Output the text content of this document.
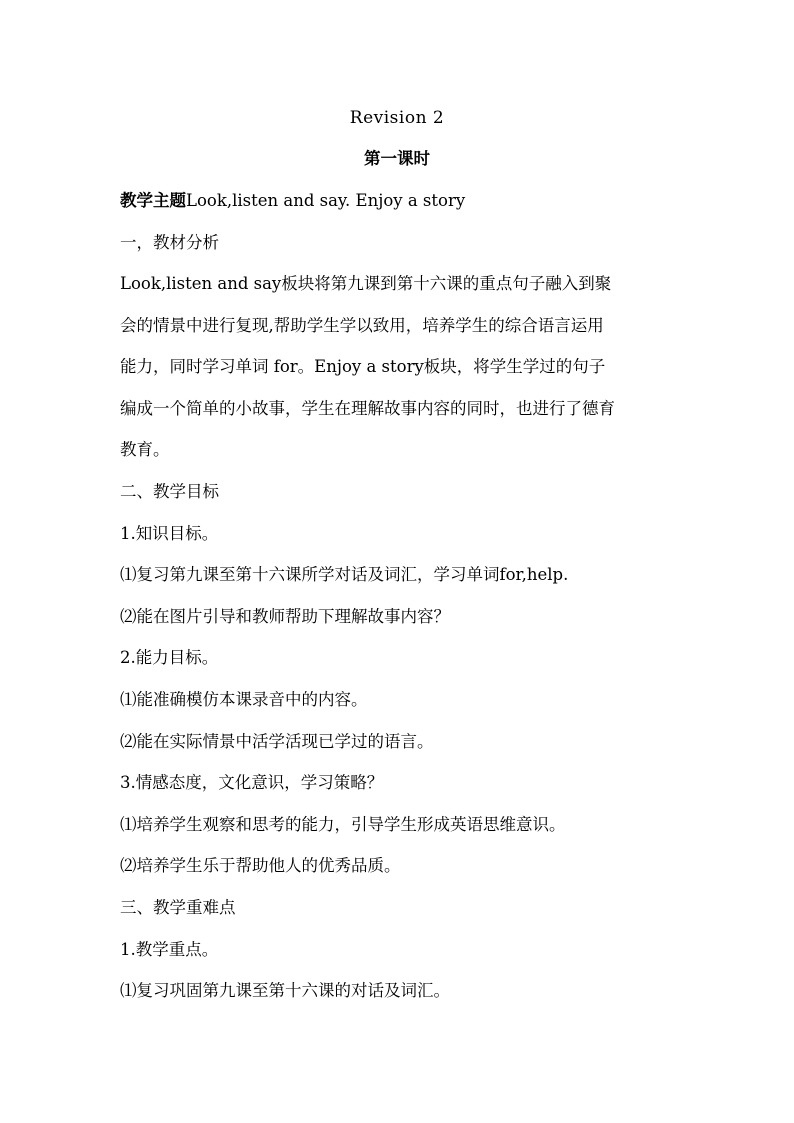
Revision 2
第一课时
教学主题Look,listen and say. Enjoy a story
一，教材分析
Look,listen and say板块将第九课到第十六课的重点句子融入到聚
会的情景中进行复现,帮助学生学以致用，培养学生的综合语言运用
能力，同时学习单词 for。Enjoy a story板块，将学生学过的句子
编成一个简单的小故事，学生在理解故事内容的同时，也进行了德育
教育。
二、教学目标
1.知识目标。
⑴复习第九课至第十六课所学对话及词汇，学习单词for,help.
⑵能在图片引导和教师帮助下理解故事内容？
2.能力目标。
⑴能准确模仿本课录音中的内容。
⑵能在实际情景中活学活现已学过的语言。
3.情感态度，文化意识，学习策略？
⑴培养学生观察和思考的能力，引导学生形成英语思维意识。
⑵培养学生乐于帮助他人的优秀品质。
三、教学重难点
1.教学重点。
⑴复习巩固第九课至第十六课的对话及词汇。
